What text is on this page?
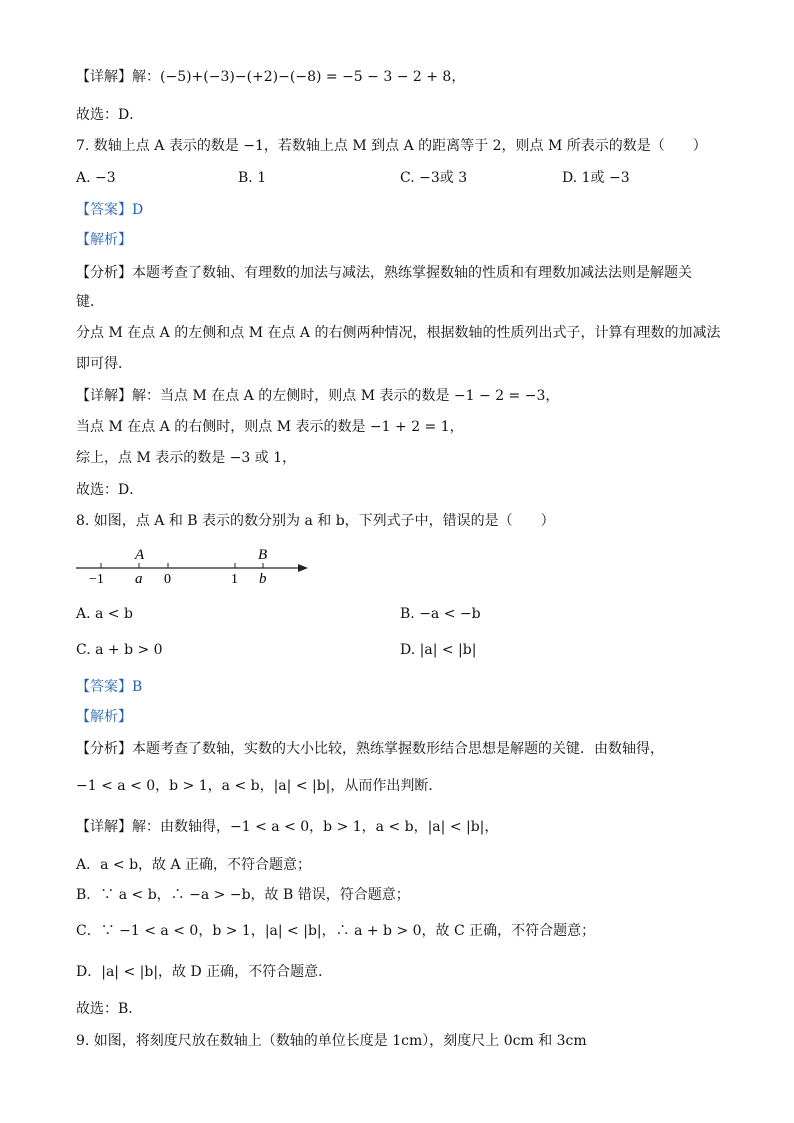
【详解】解：(−5)+(−3)−(+2)−(−8) = −5 − 3 − 2 + 8，
故选：D．
7. 数轴上点 A 表示的数是 −1，若数轴上点 M 到点 A 的距离等于 2，则点 M 所表示的数是（　　）
A. −3	B. 1	C. −3或 3	D. 1或 −3
【答案】D
【解析】
【分析】本题考查了数轴、有理数的加法与减法，熟练掌握数轴的性质和有理数加减法法则是解题关
键．
分点 M 在点 A 的左侧和点 M 在点 A 的右侧两种情况，根据数轴的性质列出式子，计算有理数的加减法
即可得．
【详解】解：当点 M 在点 A 的左侧时，则点 M 表示的数是 −1 − 2 = −3，
当点 M 在点 A 的右侧时，则点 M 表示的数是 −1 + 2 = 1，
综上，点 M 表示的数是 −3 或 1，
故选：D．
8. 如图，点 A 和 B 表示的数分别为 a 和 b，下列式子中，错误的是（　　）
A	B
−1 a 0	1 b
A. a < b	B. −a < −b
C. a + b > 0	D. |a| < |b|
【答案】B
【解析】
【分析】本题考查了数轴，实数的大小比较，熟练掌握数形结合思想是解题的关键．由数轴得，
−1 < a < 0，b > 1，a < b，|a| < |b|，从而作出判断．
【详解】解：由数轴得，−1 < a < 0，b > 1，a < b，|a| < |b|，
A．a < b，故 A 正确，不符合题意；
B．∵ a < b，∴ −a > −b，故 B 错误，符合题意；
C．∵ −1 < a < 0，b > 1，|a| < |b|，∴ a + b > 0，故 C 正确，不符合题意；
D．|a| < |b|，故 D 正确，不符合题意．
故选：B．
9. 如图，将刻度尺放在数轴上（数轴的单位长度是 1cm），刻度尺上 0cm 和 3cm
